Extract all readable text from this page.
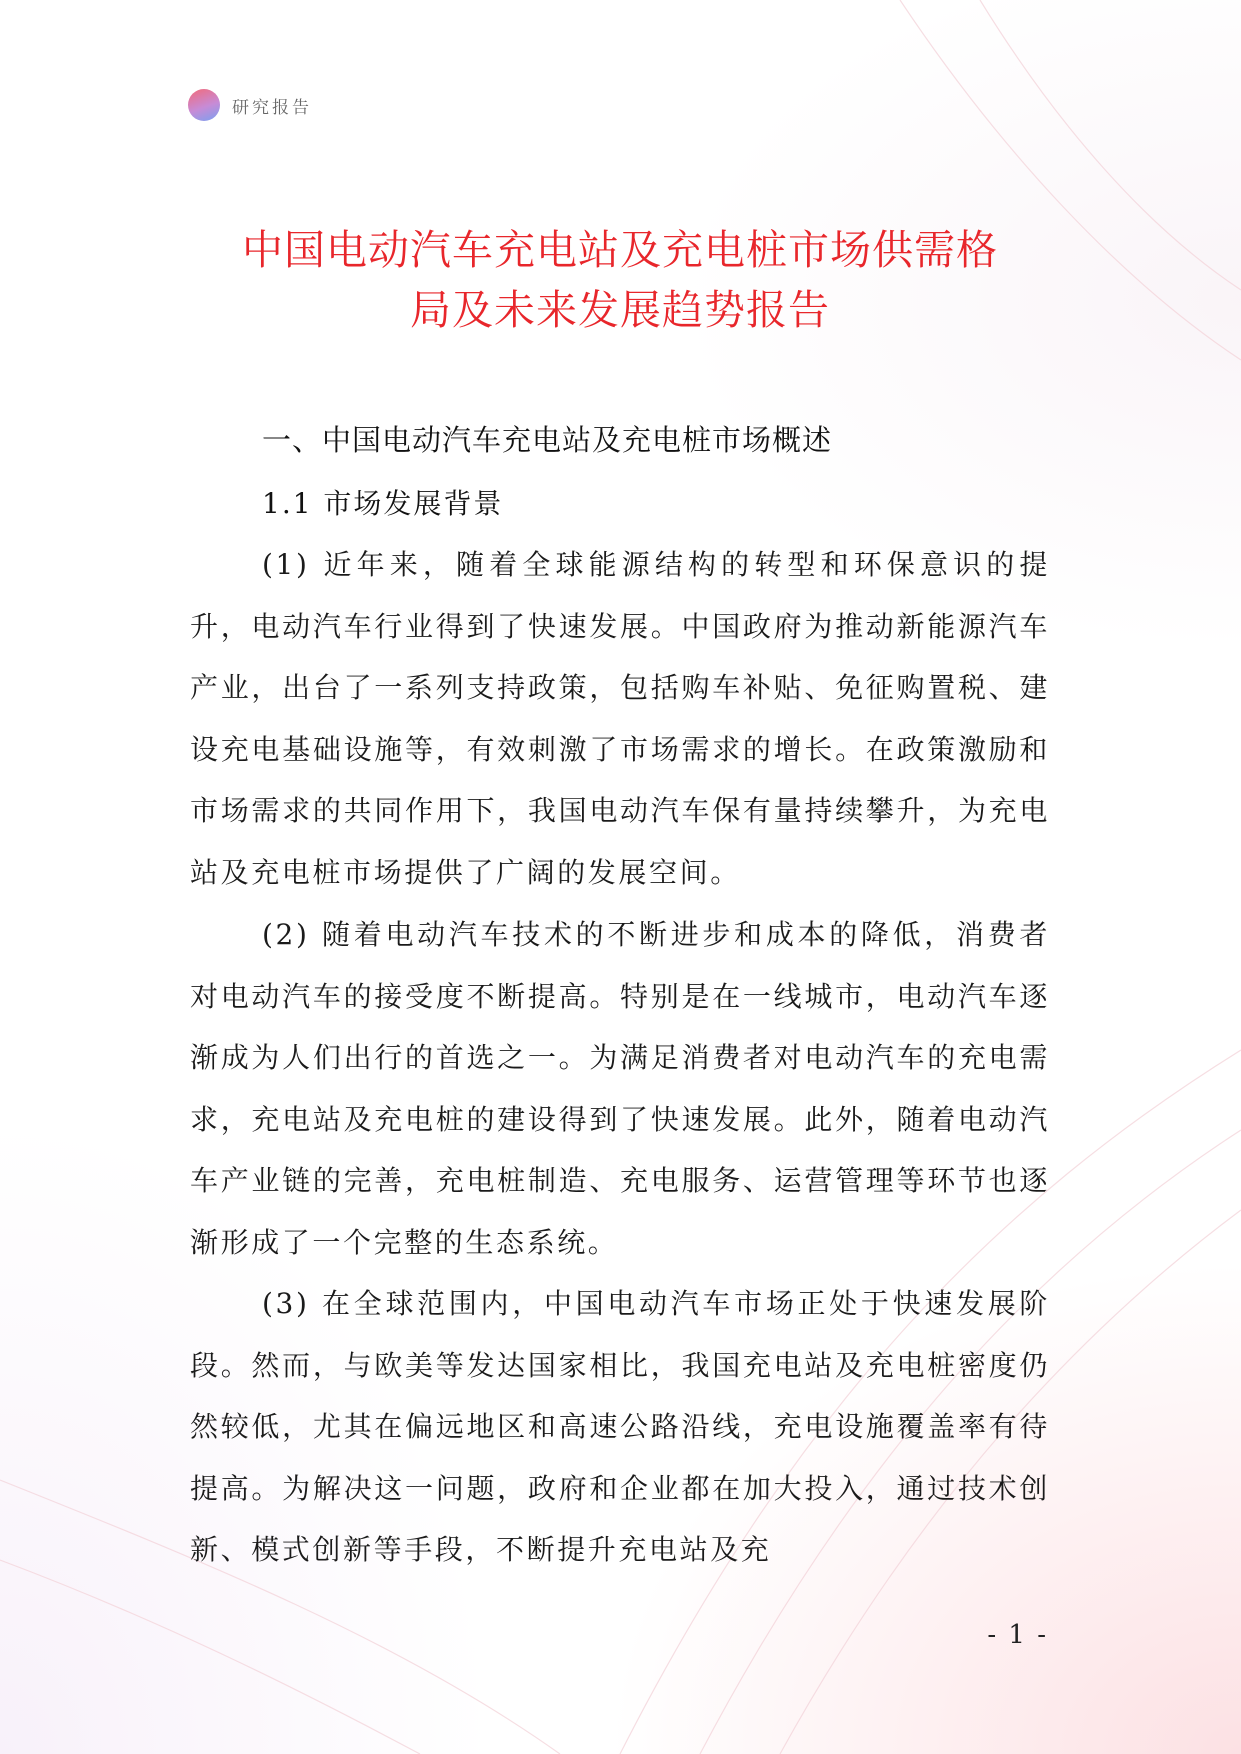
研究报告
中国电动汽车充电站及充电桩市场供需格
局及未来发展趋势报告
一、中国电动汽车充电站及充电桩市场概述
1.1 市场发展背景

(1) 近年来，随着全球能源结构的转型和环保意识的提升，电动汽车行业得到了快速发展。中国政府为推动新能源汽车产业，出台了一系列支持政策，包括购车补贴、免征购置税、建设充电基础设施等，有效刺激了市场需求的增长。在政策激励和市场需求的共同作用下，我国电动汽车保有量持续攀升，为充电站及充电桩市场提供了广阔的发展空间。

(2) 随着电动汽车技术的不断进步和成本的降低，消费者对电动汽车的接受度不断提高。特别是在一线城市，电动汽车逐渐成为人们出行的首选之一。为满足消费者对电动汽车的充电需求，充电站及充电桩的建设得到了快速发展。此外，随着电动汽车产业链的完善，充电桩制造、充电服务、运营管理等环节也逐渐形成了一个完整的生态系统。

(3) 在全球范围内，中国电动汽车市场正处于快速发展阶段。然而，与欧美等发达国家相比，我国充电站及充电桩密度仍然较低，尤其在偏远地区和高速公路沿线，充电设施覆盖率有待提高。为解决这一问题，政府和企业都在加大投入，通过技术创新、模式创新等手段，不断提升充电站及充

- 1 -
